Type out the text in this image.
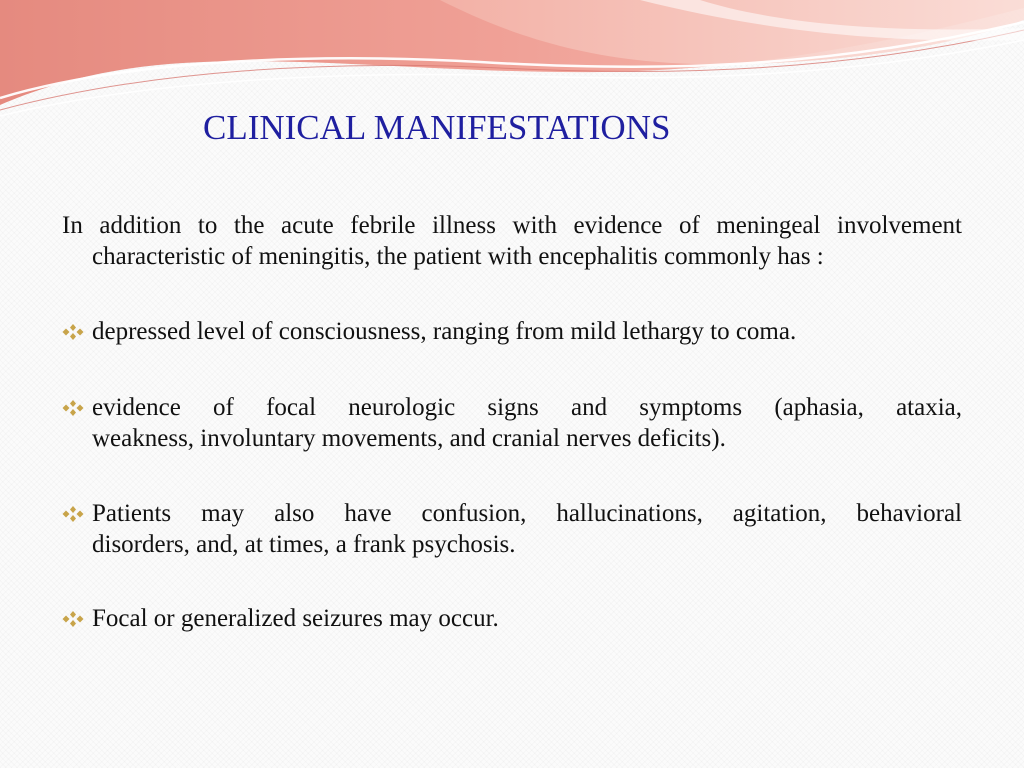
CLINICAL MANIFESTATIONS

In addition to the acute febrile illness with evidence of meningeal involvement
characteristic of meningitis, the patient with encephalitis commonly has :

depressed level of consciousness, ranging from mild lethargy to coma.
evidence of focal neurologic signs and symptoms (aphasia, ataxia,
weakness, involuntary movements, and cranial nerves deficits).
Patients may also have confusion, hallucinations, agitation, behavioral
disorders, and, at times, a frank psychosis.
Focal or generalized seizures may occur.
